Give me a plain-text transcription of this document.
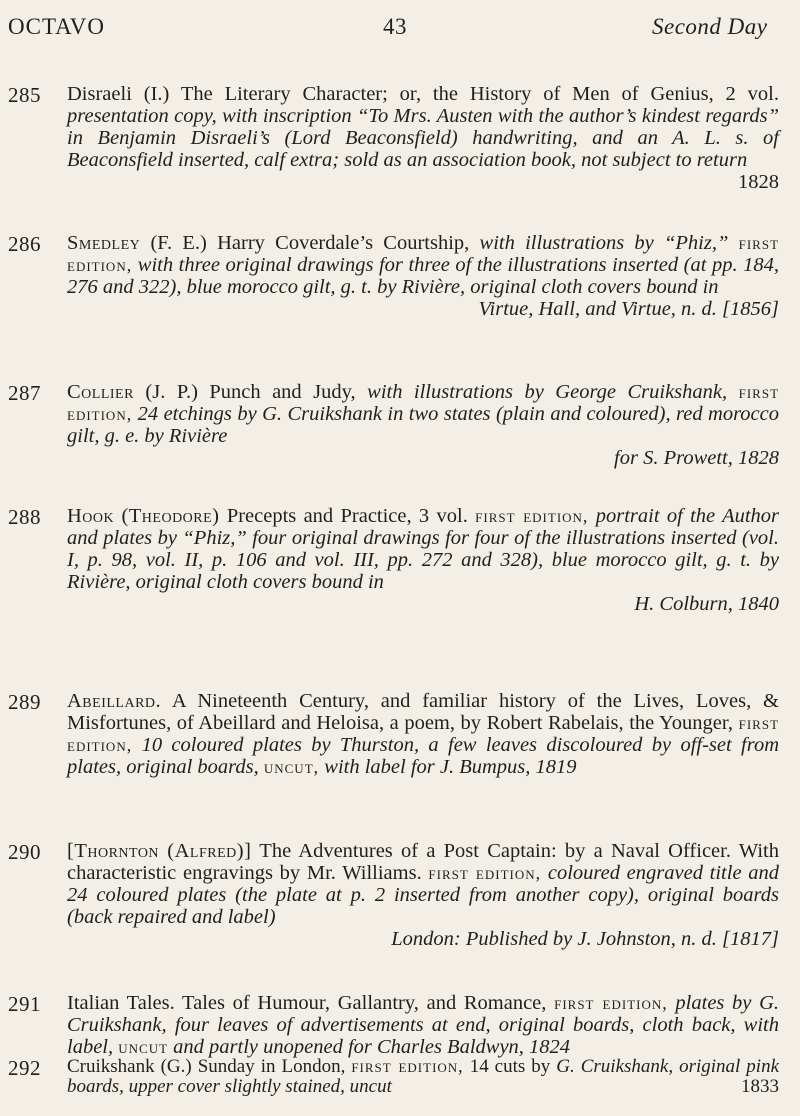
OCTAVO	43	Second Day
285 Disraeli (I.) The Literary Character; or, the History of Men of Genius, 2 vol. presentation copy, with inscription “To Mrs. Austen with the author’s kindest regards” in Benjamin Disraeli’s (Lord Beaconsfield) handwriting, and an A. L. s. of Beaconsfield inserted, calf extra; sold as an association book, not subject to return
1828
286 Smedley (F. E.) Harry Coverdale’s Courtship, with illustrations by “Phiz,” first edition, with three original drawings for three of the illustrations inserted (at pp. 184, 276 and 322), blue morocco gilt, g. t. by Rivière, original cloth covers bound in
Virtue, Hall, and Virtue, n. d. [1856]
287 Collier (J. P.) Punch and Judy, with illustrations by George Cruikshank, first edition, 24 etchings by G. Cruikshank in two states (plain and coloured), red morocco gilt, g. e. by Rivière
for S. Prowett, 1828
288 Hook (Theodore) Precepts and Practice, 3 vol. first edition, portrait of the Author and plates by “Phiz,” four original drawings for four of the illustrations inserted (vol. I, p. 98, vol. II, p. 106 and vol. III, pp. 272 and 328), blue morocco gilt, g. t. by Rivière, original cloth covers bound in
H. Colburn, 1840
289 Abeillard. A Nineteenth Century, and familiar history of the Lives, Loves, & Misfortunes, of Abeillard and Heloisa, a poem, by Robert Rabelais, the Younger, first edition, 10 coloured plates by Thurston, a few leaves discoloured by off-set from plates, original boards, uncut, with label for J. Bumpus, 1819
290 [Thornton (Alfred)] The Adventures of a Post Captain: by a Naval Officer. With characteristic engravings by Mr. Williams. first edition, coloured engraved title and 24 coloured plates (the plate at p. 2 inserted from another copy), original boards (back repaired and label)
London: Published by J. Johnston, n. d. [1817]
291 Italian Tales. Tales of Humour, Gallantry, and Romance, first edition, plates by G. Cruikshank, four leaves of advertisements at end, original boards, cloth back, with label, uncut and partly unopened for Charles Baldwyn, 1824
292 Cruikshank (G.) Sunday in London, first edition, 14 cuts by G. Cruikshank, original pink boards, upper cover slightly stained, uncut	1833
